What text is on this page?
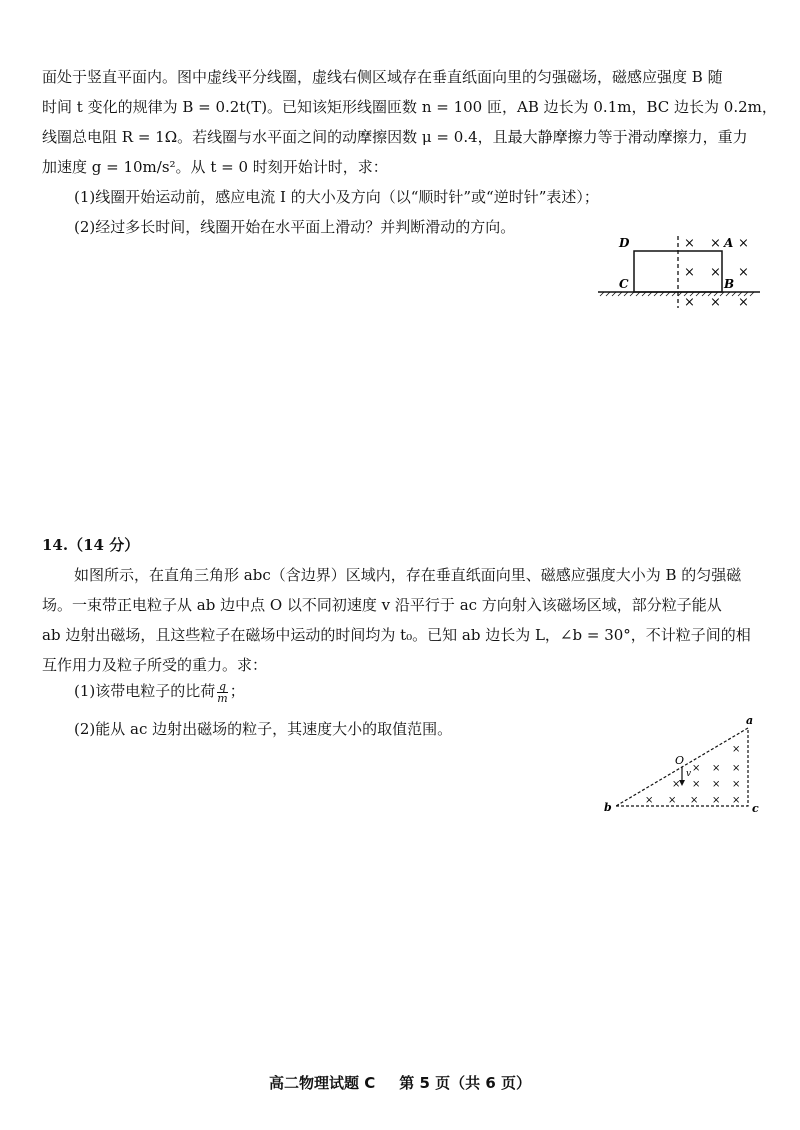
面处于竖直平面内。图中虚线平分线圈，虚线右侧区域存在垂直纸面向里的匀强磁场，磁感应强度 B 随
时间 t 变化的规律为 B = 0.2t(T)。已知该矩形线圈匝数 n = 100 匝，AB 边长为 0.1m，BC 边长为 0.2m，
线圈总电阻 R = 1Ω。若线圈与水平面之间的动摩擦因数 μ = 0.4，且最大静摩擦力等于滑动摩擦力，重力
加速度 g = 10m/s²。从 t = 0 时刻开始计时，求：
(1)线圈开始运动前，感应电流 I 的大小及方向（以“顺时针”或“逆时针”表述）；
(2)经过多长时间，线圈开始在水平面上滑动？并判断滑动的方向。
D	A
C	B
× × ×
× × ×
× × ×
14.（14 分）
如图所示，在直角三角形 abc（含边界）区域内，存在垂直纸面向里、磁感应强度大小为 B 的匀强磁
场。一束带正电粒子从 ab 边中点 O 以不同初速度 v 沿平行于 ac 方向射入该磁场区域，部分粒子能从
ab 边射出磁场，且这些粒子在磁场中运动的时间均为 t₀。已知 ab 边长为 L，∠b = 30°，不计粒子间的相
互作用力及粒子所受的重力。求：
(1)该带电粒子的比荷 $\frac{q}{m}$ ；
(2)能从 ac 边射出磁场的粒子，其速度大小的取值范围。	a
b	c
O
v
×
× × ×
× × × ×
× × × × ×
高二物理试题 C 第 5 页（共 6 页）
